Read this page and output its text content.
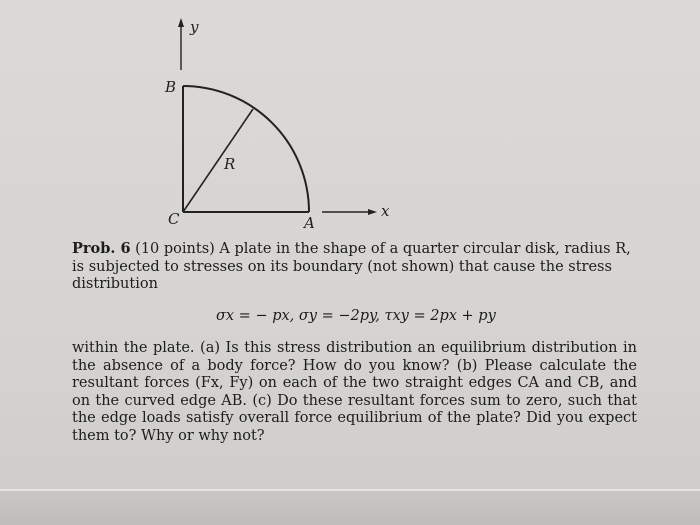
y
x
B
C	A
R
Prob. 6 (10 points) A plate in the shape of a quarter circular disk, radius R, is subjected to stresses on its boundary (not shown) that cause the stress distribution
σx = − px, σy = −2py, τxy = 2px + py
within the plate. (a) Is this stress distribution an equilibrium distribution in the absence of a body force? How do you know? (b) Please calculate the resultant forces (Fx, Fy) on each of the two straight edges CA and CB, and on the curved edge AB. (c) Do these resultant forces sum to zero, such that the edge loads satisfy overall force equilibrium of the plate? Did you expect them to? Why or why not?
